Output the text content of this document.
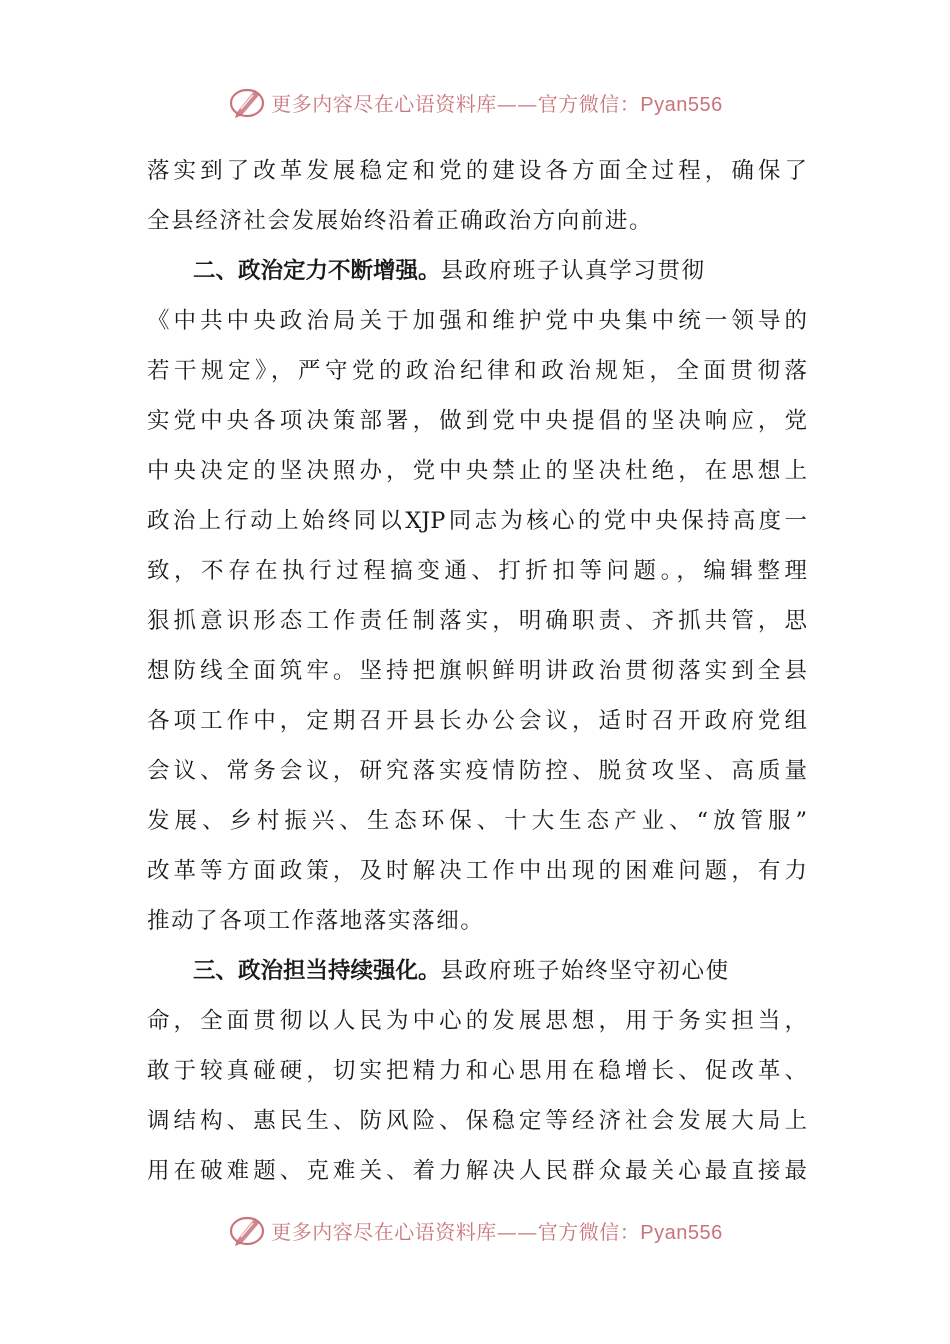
更多内容尽在心语资料库——官方微信：Pyan556
落实到了改革发展稳定和党的建设各方面全过程，确保了
全县经济社会发展始终沿着正确政治方向前进。
二、政治定力不断增强。县政府班子认真学习贯彻
《中共中央政治局关于加强和维护党中央集中统一领导的
若干规定》，严守党的政治纪律和政治规矩，全面贯彻落
实党中央各项决策部署，做到党中央提倡的坚决响应，党
中央决定的坚决照办，党中央禁止的坚决杜绝，在思想上
政治上行动上始终同以XJP同志为核心的党中央保持高度一
致，不存在执行过程搞变通、打折扣等问题。，编辑整理
狠抓意识形态工作责任制落实，明确职责、齐抓共管，思
想防线全面筑牢。坚持把旗帜鲜明讲政治贯彻落实到全县
各项工作中，定期召开县长办公会议，适时召开政府党组
会议、常务会议，研究落实疫情防控、脱贫攻坚、高质量
发展、乡村振兴、生态环保、十大生态产业、“放管服”
改革等方面政策，及时解决工作中出现的困难问题，有力
推动了各项工作落地落实落细。
三、政治担当持续强化。县政府班子始终坚守初心使
命，全面贯彻以人民为中心的发展思想，用于务实担当，
敢于较真碰硬，切实把精力和心思用在稳增长、促改革、
调结构、惠民生、防风险、保稳定等经济社会发展大局上
用在破难题、克难关、着力解决人民群众最关心最直接最
更多内容尽在心语资料库——官方微信：Pyan556
